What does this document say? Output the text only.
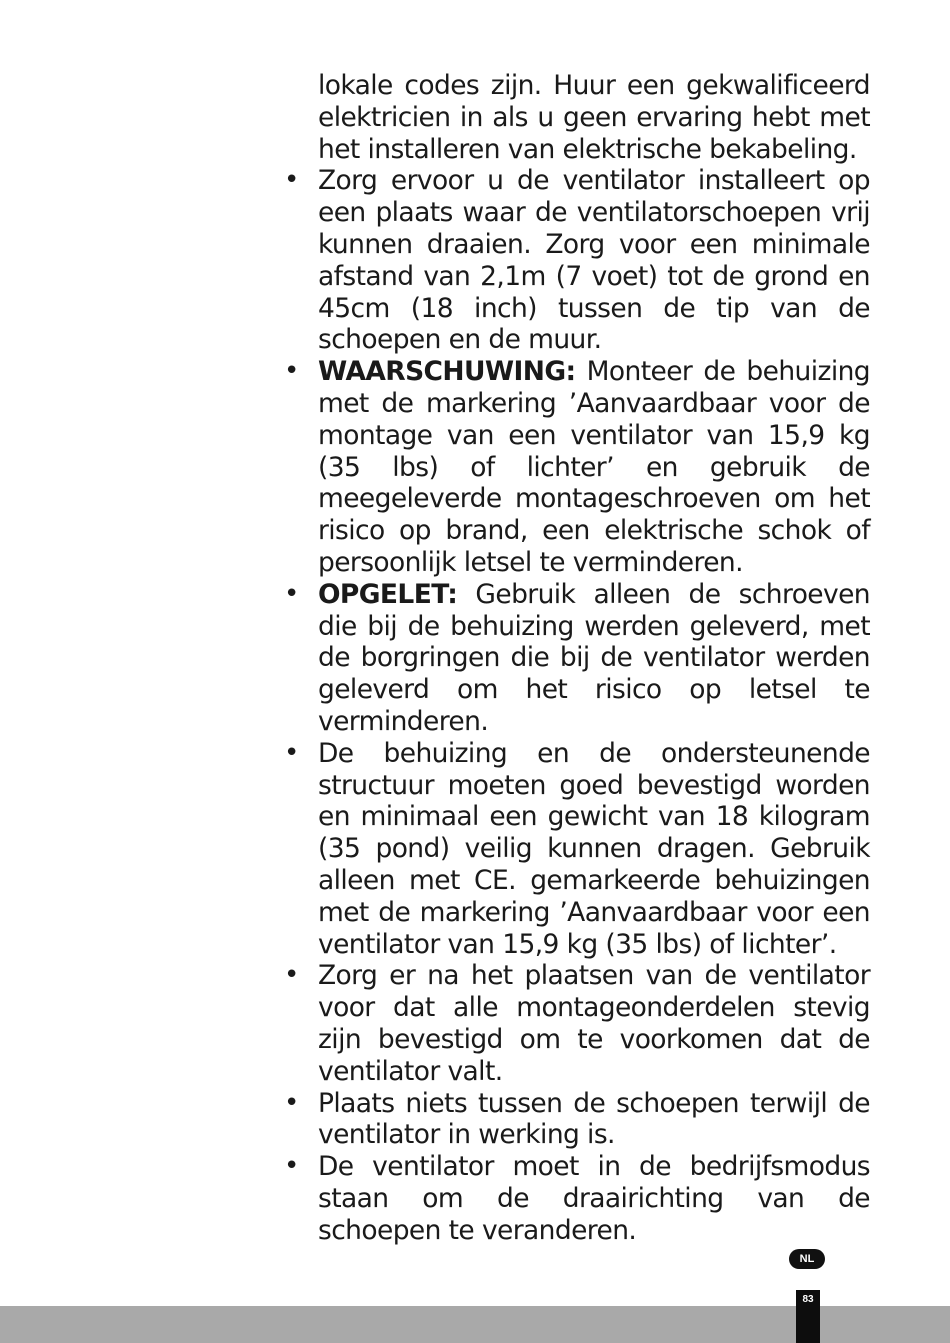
lokale codes zijn. Huur een gekwalificeerd elektricien in als u geen ervaring hebt met het installeren van elektrische bekabeling.
• Zorg ervoor u de ventilator installeert op een plaats waar de ventilatorschoepen vrij kunnen draaien. Zorg voor een minimale afstand van 2,1m (7 voet) tot de grond en 45cm (18 inch) tussen de tip van de schoepen en de muur.
• WAARSCHUWING: Monteer de behuizing met de markering ’Aanvaardbaar voor de montage van een ventilator van 15,9 kg (35 lbs) of lichter’ en gebruik de meegeleverde montageschroeven om het risico op brand, een elektrische schok of persoonlijk letsel te verminderen.
• OPGELET: Gebruik alleen de schroeven die bij de behuizing werden geleverd, met de borgringen die bij de ventilator werden geleverd om het risico op letsel te verminderen.
• De behuizing en de ondersteunende structuur moeten goed bevestigd worden en minimaal een gewicht van 18 kilogram (35 pond) veilig kunnen dragen. Gebruik alleen met CE. gemarkeerde behuizingen met de markering ’Aanvaardbaar voor een ventilator van 15,9 kg (35 lbs) of lichter’.
• Zorg er na het plaatsen van de ventilator voor dat alle montageonderdelen stevig zijn bevestigd om te voorkomen dat de ventilator valt.
• Plaats niets tussen de schoepen terwijl de ventilator in werking is.
• De ventilator moet in de bedrijfsmodus staan om de draairichting van de schoepen te veranderen.
NL
83
